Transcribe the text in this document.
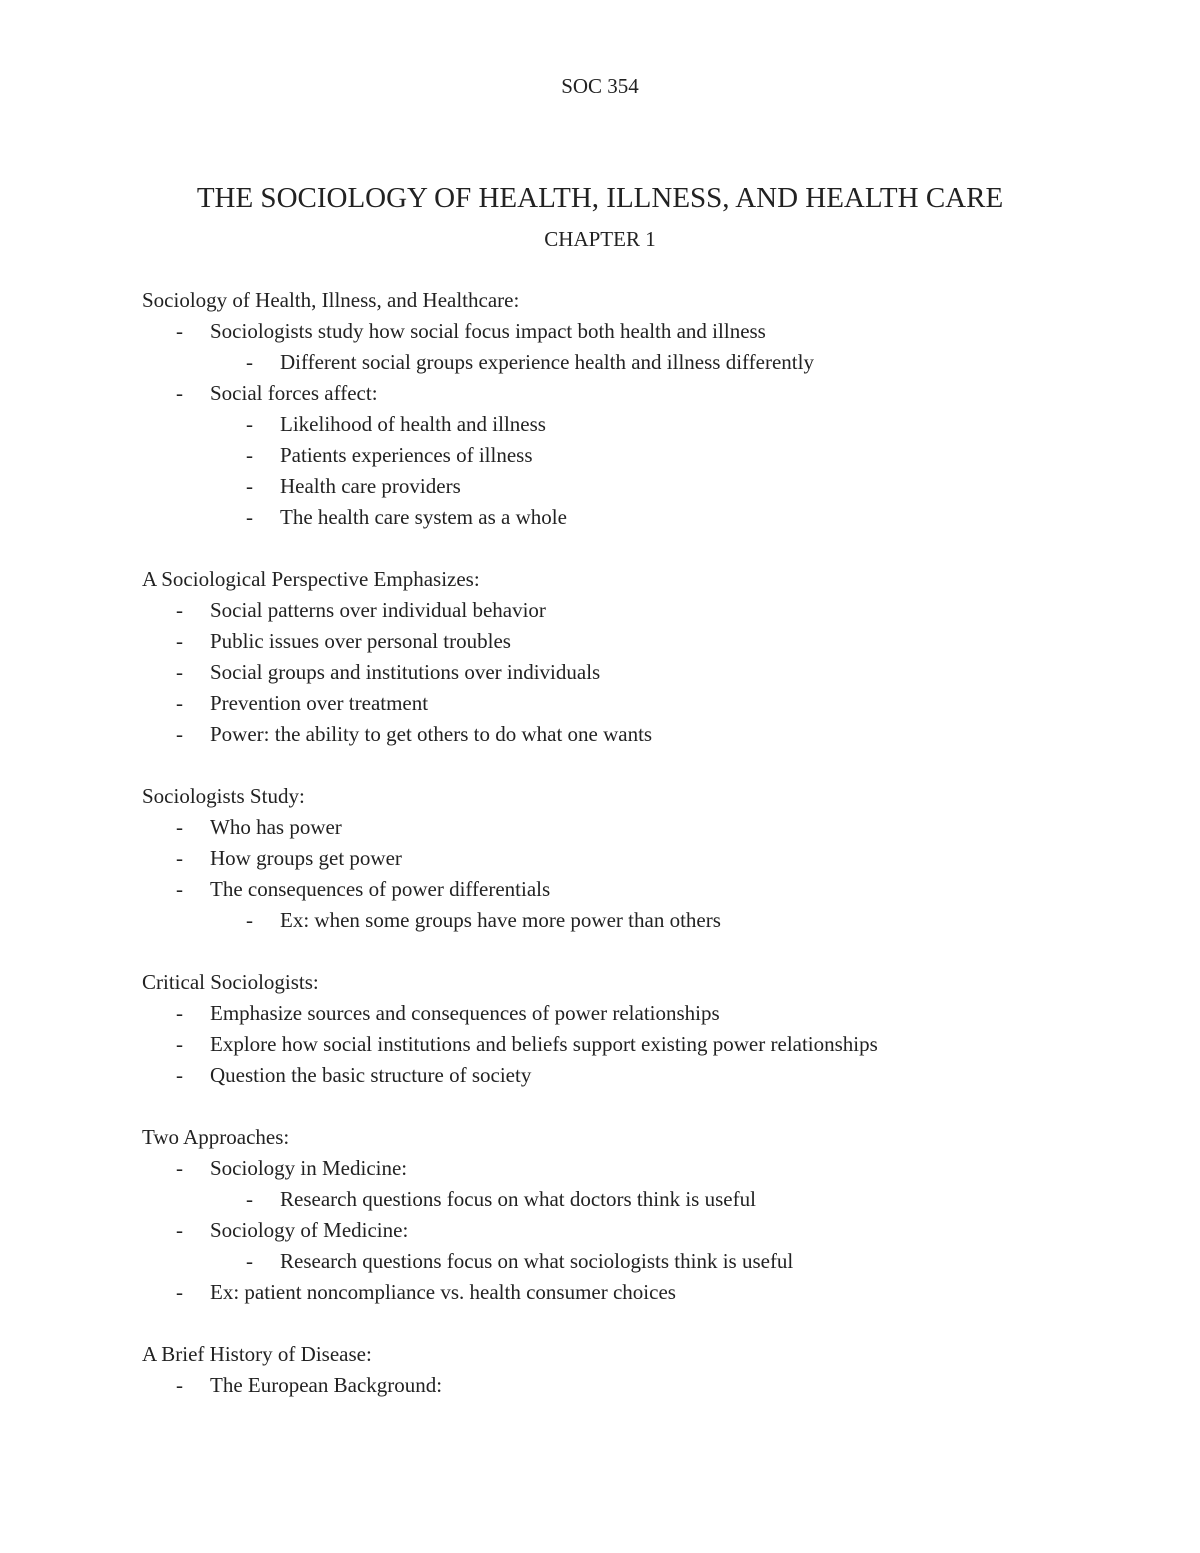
SOC 354
THE SOCIOLOGY OF HEALTH, ILLNESS, AND HEALTH CARE
CHAPTER 1
Sociology of Health, Illness, and Healthcare:
- Sociologists study how social focus impact both health and illness
- Different social groups experience health and illness differently
- Social forces affect:
- Likelihood of health and illness
- Patients experiences of illness
- Health care providers
- The health care system as a whole
A Sociological Perspective Emphasizes:
- Social patterns over individual behavior
- Public issues over personal troubles
- Social groups and institutions over individuals
- Prevention over treatment
- Power: the ability to get others to do what one wants
Sociologists Study:
- Who has power
- How groups get power
- The consequences of power differentials
- Ex: when some groups have more power than others
Critical Sociologists:
- Emphasize sources and consequences of power relationships
- Explore how social institutions and beliefs support existing power relationships
- Question the basic structure of society
Two Approaches:
- Sociology in Medicine:
- Research questions focus on what doctors think is useful
- Sociology of Medicine:
- Research questions focus on what sociologists think is useful
- Ex: patient noncompliance vs. health consumer choices
A Brief History of Disease:
- The European Background:
